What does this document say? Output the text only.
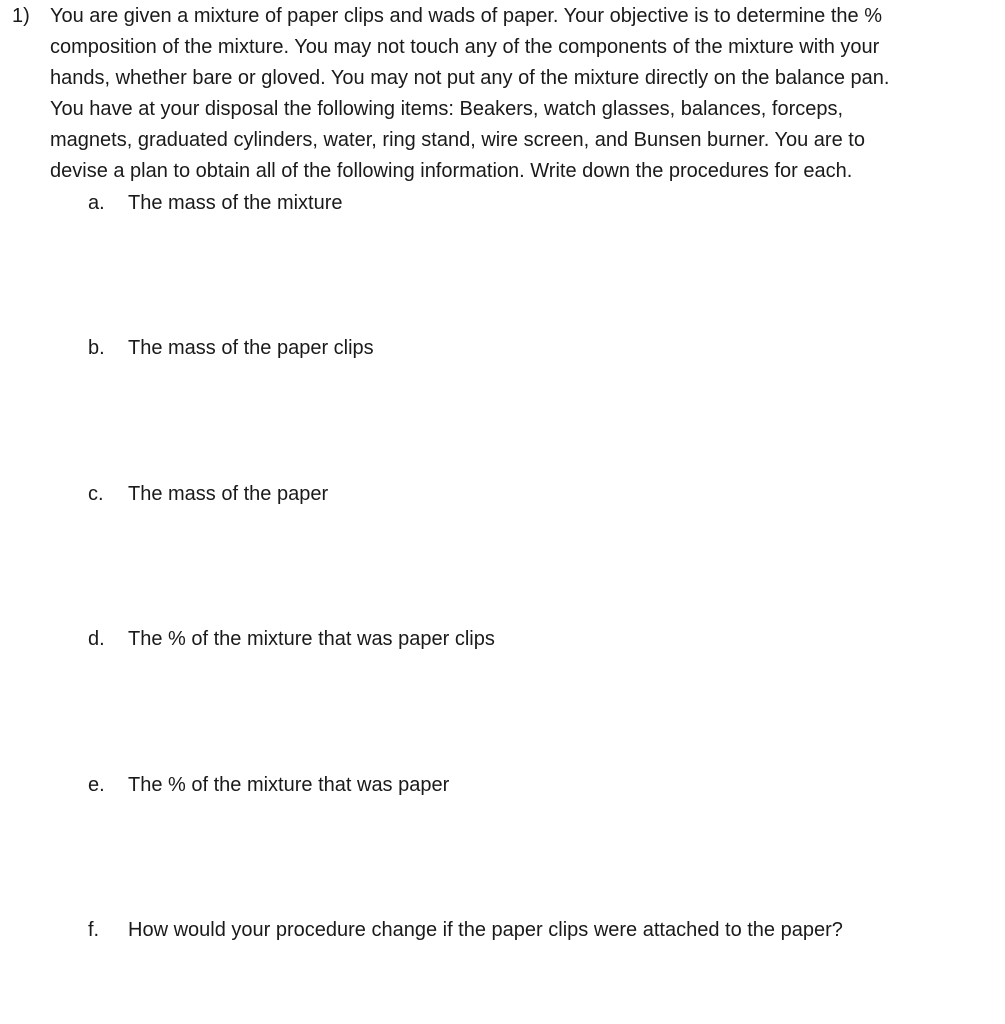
1) You are given a mixture of paper clips and wads of paper. Your objective is to determine the %
composition of the mixture. You may not touch any of the components of the mixture with your
hands, whether bare or gloved. You may not put any of the mixture directly on the balance pan.
You have at your disposal the following items: Beakers, watch glasses, balances, forceps,
magnets, graduated cylinders, water, ring stand, wire screen, and Bunsen burner. You are to
devise a plan to obtain all of the following information. Write down the procedures for each.
a. The mass of the mixture
b. The mass of the paper clips
c. The mass of the paper
d. The % of the mixture that was paper clips
e. The % of the mixture that was paper
f. How would your procedure change if the paper clips were attached to the paper?
